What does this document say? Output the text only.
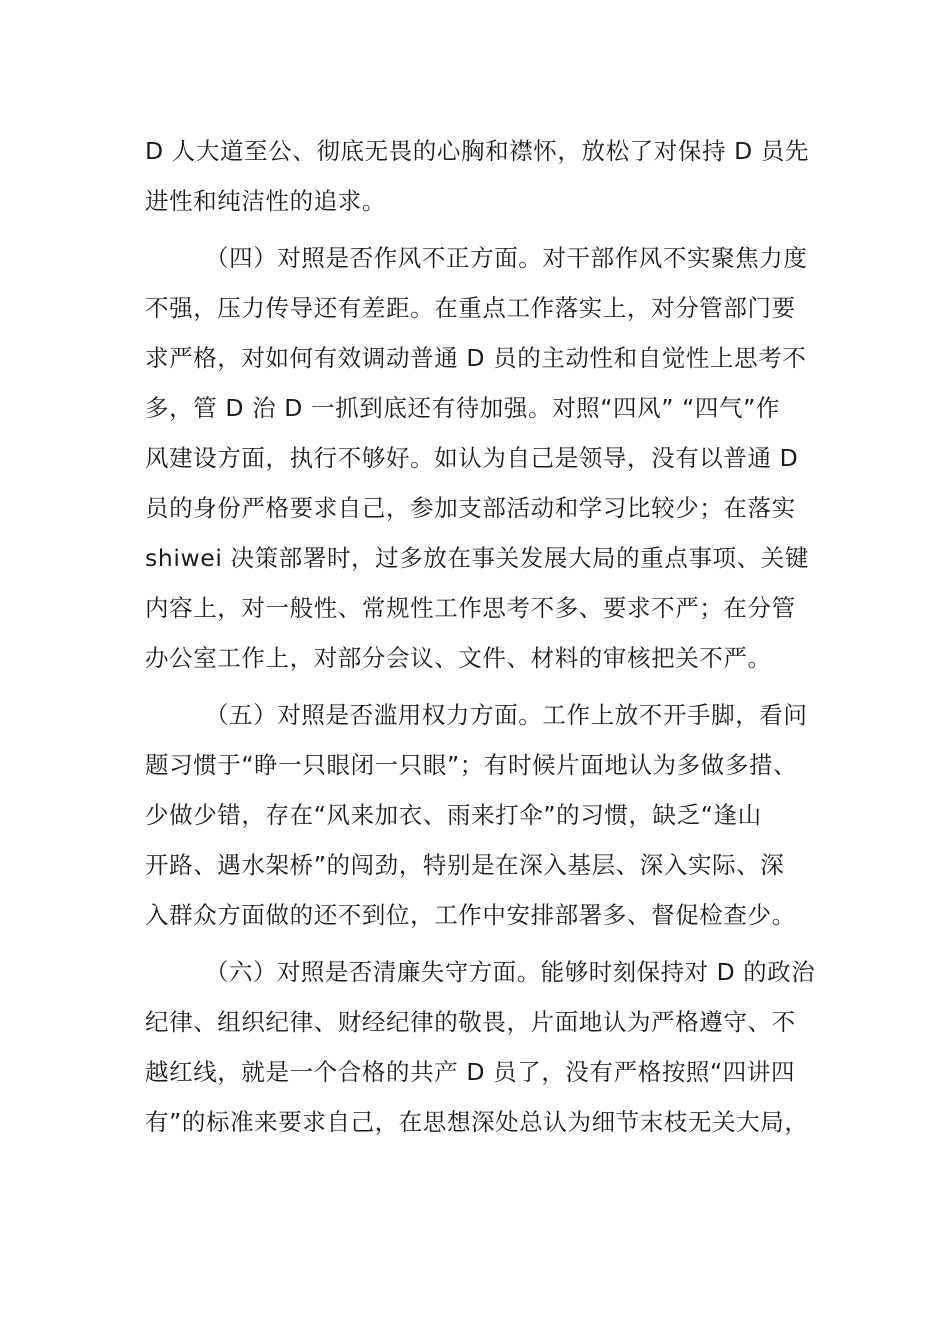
D 人大道至公、彻底无畏的心胸和襟怀，放松了对保持 D 员先
进性和纯洁性的追求。
（四）对照是否作风不正方面。对干部作风不实聚焦力度
不强，压力传导还有差距。在重点工作落实上，对分管部门要
求严格，对如何有效调动普通 D 员的主动性和自觉性上思考不
多，管 D 治 D 一抓到底还有待加强。对照“四风” “四气”作
风建设方面，执行不够好。如认为自己是领导，没有以普通 D
员的身份严格要求自己，参加支部活动和学习比较少；在落实
shiwei 决策部署时，过多放在事关发展大局的重点事项、关键
内容上，对一般性、常规性工作思考不多、要求不严；在分管
办公室工作上，对部分会议、文件、材料的审核把关不严。
（五）对照是否滥用权力方面。工作上放不开手脚，看问
题习惯于“睁一只眼闭一只眼”；有时候片面地认为多做多措、
少做少错，存在“风来加衣、雨来打伞”的习惯，缺乏“逢山
开路、遇水架桥”的闯劲，特别是在深入基层、深入实际、深
入群众方面做的还不到位，工作中安排部署多、督促检查少。
（六）对照是否清廉失守方面。能够时刻保持对 D 的政治
纪律、组织纪律、财经纪律的敬畏，片面地认为严格遵守、不
越红线，就是一个合格的共产 D 员了，没有严格按照“四讲四
有”的标准来要求自己，在思想深处总认为细节末枝无关大局，
